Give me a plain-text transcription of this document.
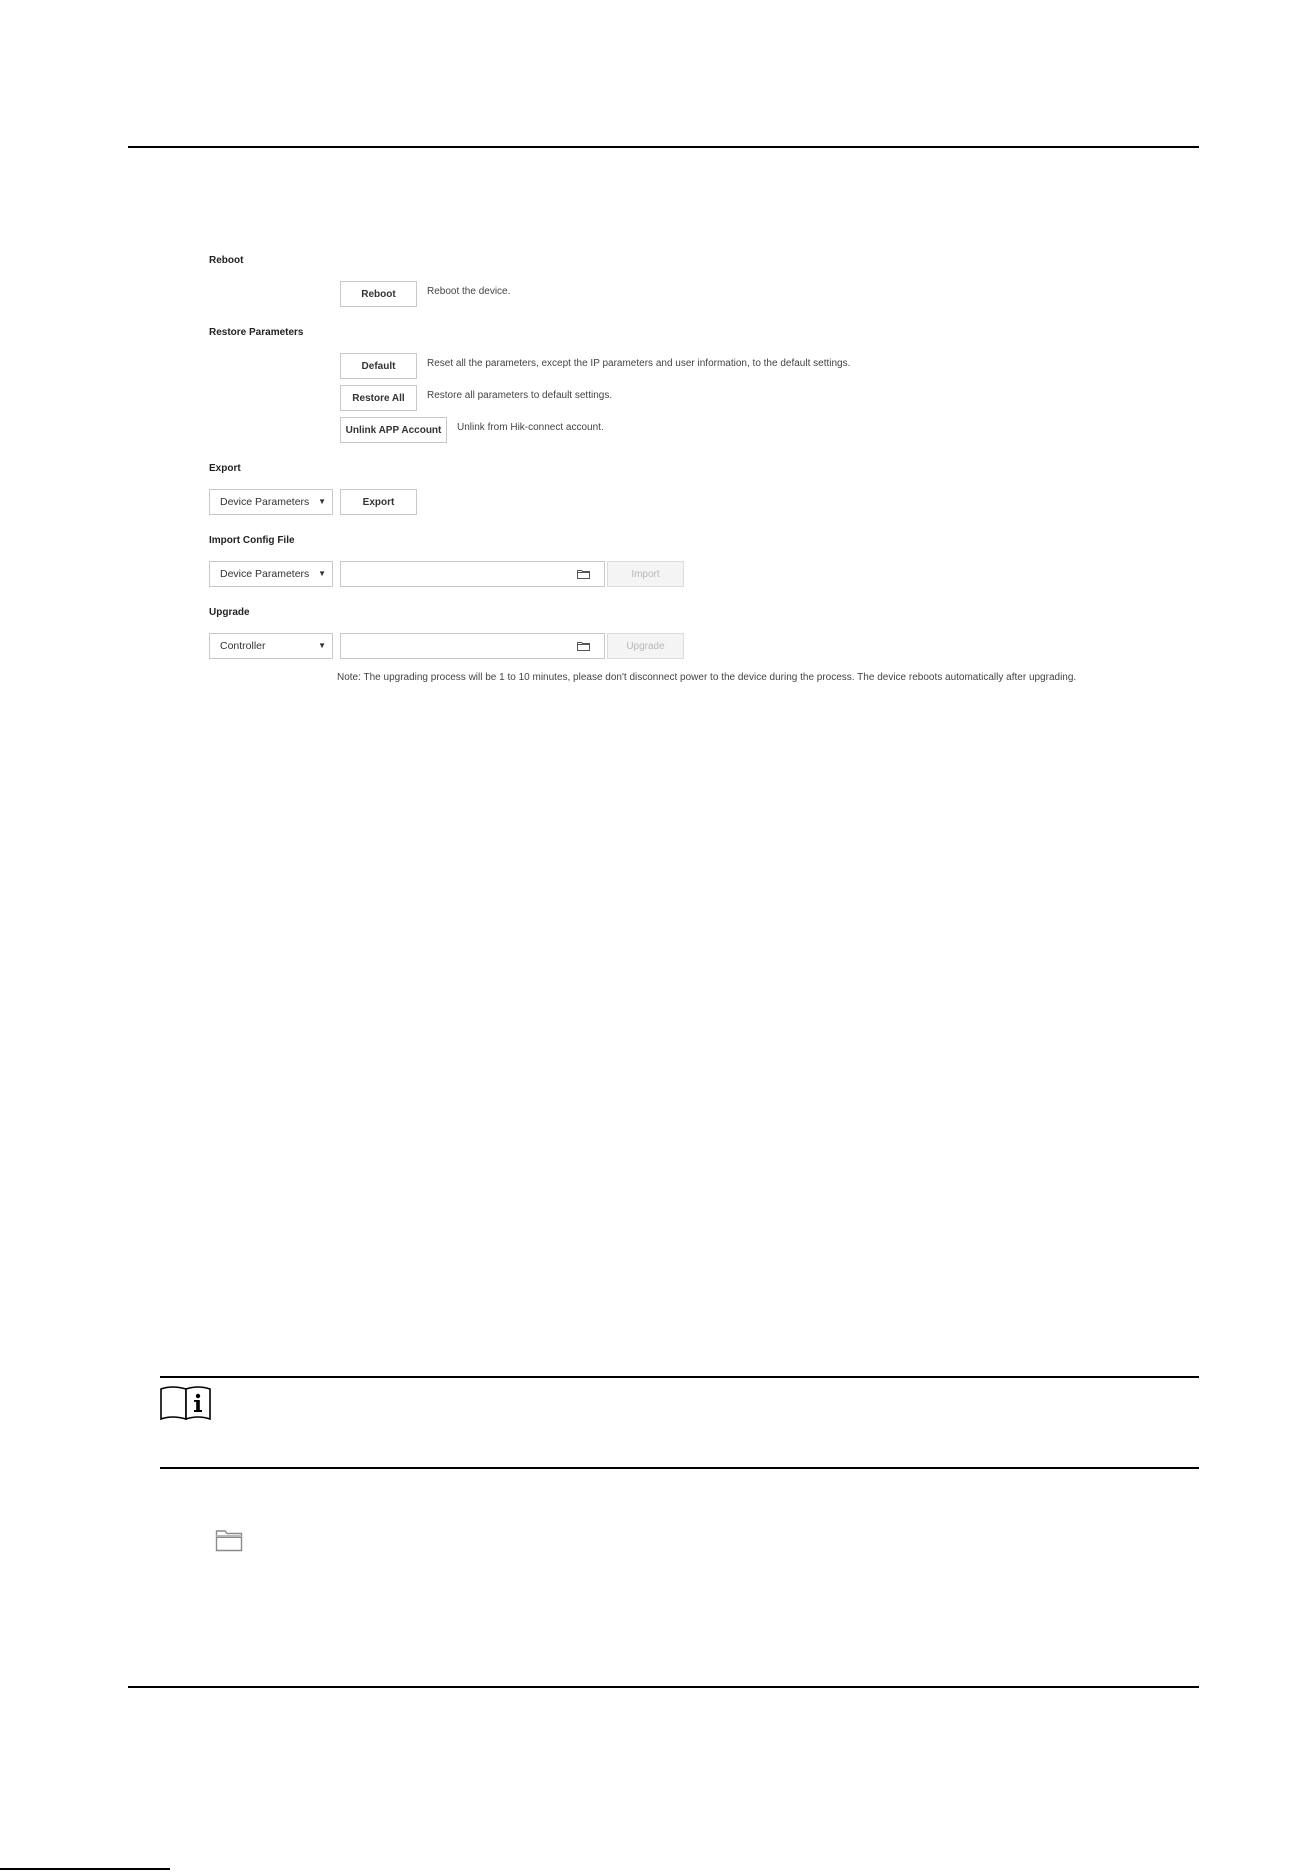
Reboot
Reboot	Reboot the device.
Restore Parameters
Default	Reset all the parameters, except the IP parameters and user information, to the default settings.
Restore All	Restore all parameters to default settings.
Unlink APP Account	Unlink from Hik-connect account.
Export
Device Parameters ▼	Export
Import Config File
Device Parameters ▼	Import
Upgrade
Controller	▼	Upgrade
Note: The upgrading process will be 1 to 10 minutes, please don't disconnect power to the device during the process. The device reboots automatically after upgrading.
